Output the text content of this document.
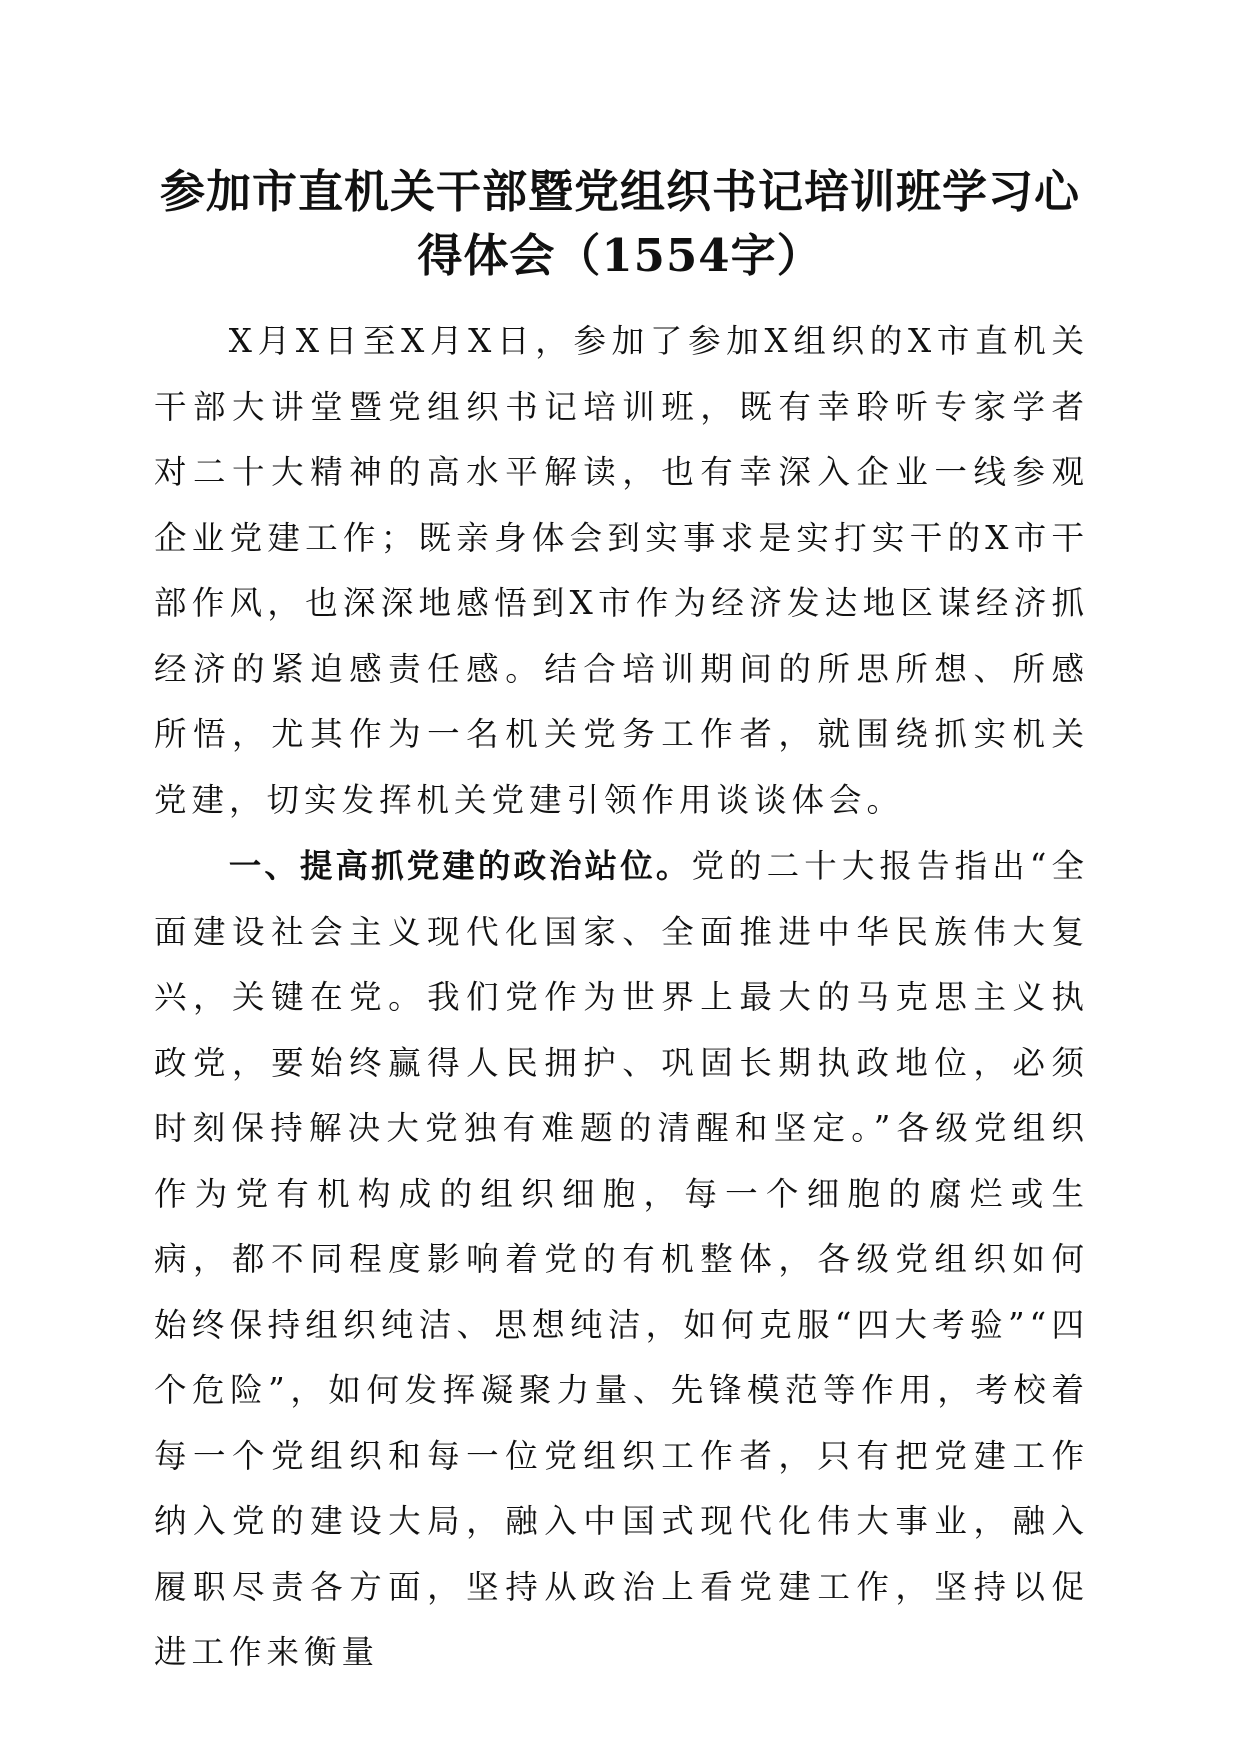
参加市直机关干部暨党组织书记培训班学习心得体会（1554字）

X月X日至X月X日，参加了参加X组织的X市直机关干部大讲堂暨党组织书记培训班，既有幸聆听专家学者对二十大精神的高水平解读，也有幸深入企业一线参观企业党建工作；既亲身体会到实事求是实打实干的X市干部作风，也深深地感悟到X市作为经济发达地区谋经济抓经济的紧迫感责任感。结合培训期间的所思所想、所感所悟，尤其作为一名机关党务工作者，就围绕抓实机关党建，切实发挥机关党建引领作用谈谈体会。

一、提高抓党建的政治站位。党的二十大报告指出“全面建设社会主义现代化国家、全面推进中华民族伟大复兴，关键在党。我们党作为世界上最大的马克思主义执政党，要始终赢得人民拥护、巩固长期执政地位，必须时刻保持解决大党独有难题的清醒和坚定。”各级党组织作为党有机构成的组织细胞，每一个细胞的腐烂或生病，都不同程度影响着党的有机整体，各级党组织如何始终保持组织纯洁、思想纯洁，如何克服“四大考验”“四个危险”，如何发挥凝聚力量、先锋模范等作用，考校着每一个党组织和每一位党组织工作者，只有把党建工作纳入党的建设大局，融入中国式现代化伟大事业，融入履职尽责各方面，坚持从政治上看党建工作，坚持以促进工作来衡量
